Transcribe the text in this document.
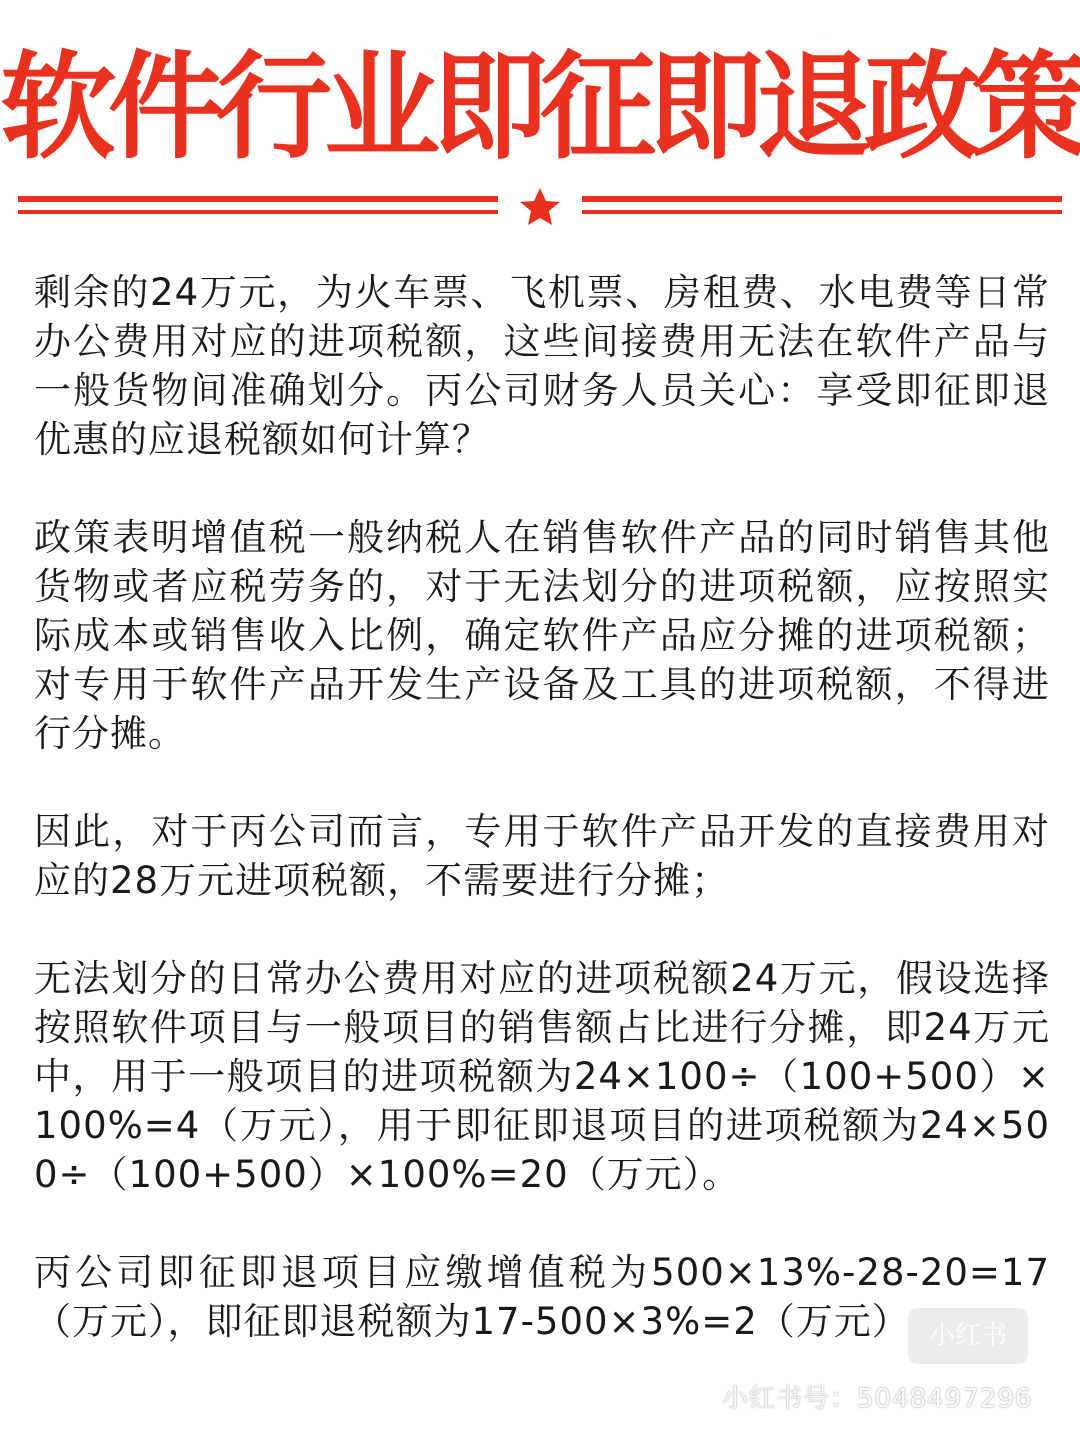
软件行业即征即退政策

剩余的24万元，为火车票、飞机票、房租费、水电费等日常办公费用对应的进项税额，这些间接费用无法在软件产品与一般货物间准确划分。丙公司财务人员关心：享受即征即退优惠的应退税额如何计算？

政策表明增值税一般纳税人在销售软件产品的同时销售其他货物或者应税劳务的，对于无法划分的进项税额，应按照实际成本或销售收入比例，确定软件产品应分摊的进项税额；对专用于软件产品开发生产设备及工具的进项税额，不得进行分摊。

因此，对于丙公司而言，专用于软件产品开发的直接费用对应的28万元进项税额，不需要进行分摊；

无法划分的日常办公费用对应的进项税额24万元，假设选择按照软件项目与一般项目的销售额占比进行分摊，即24万元中，用于一般项目的进项税额为24×100÷（100+500）×100%=4（万元），用于即征即退项目的进项税额为24×500÷（100+500）×100%=20（万元）。

丙公司即征即退项目应缴增值税为500×13%-28-20=17（万元），即征即退税额为17-500×3%=2（万元） 小红书
小红书号：5048497296
